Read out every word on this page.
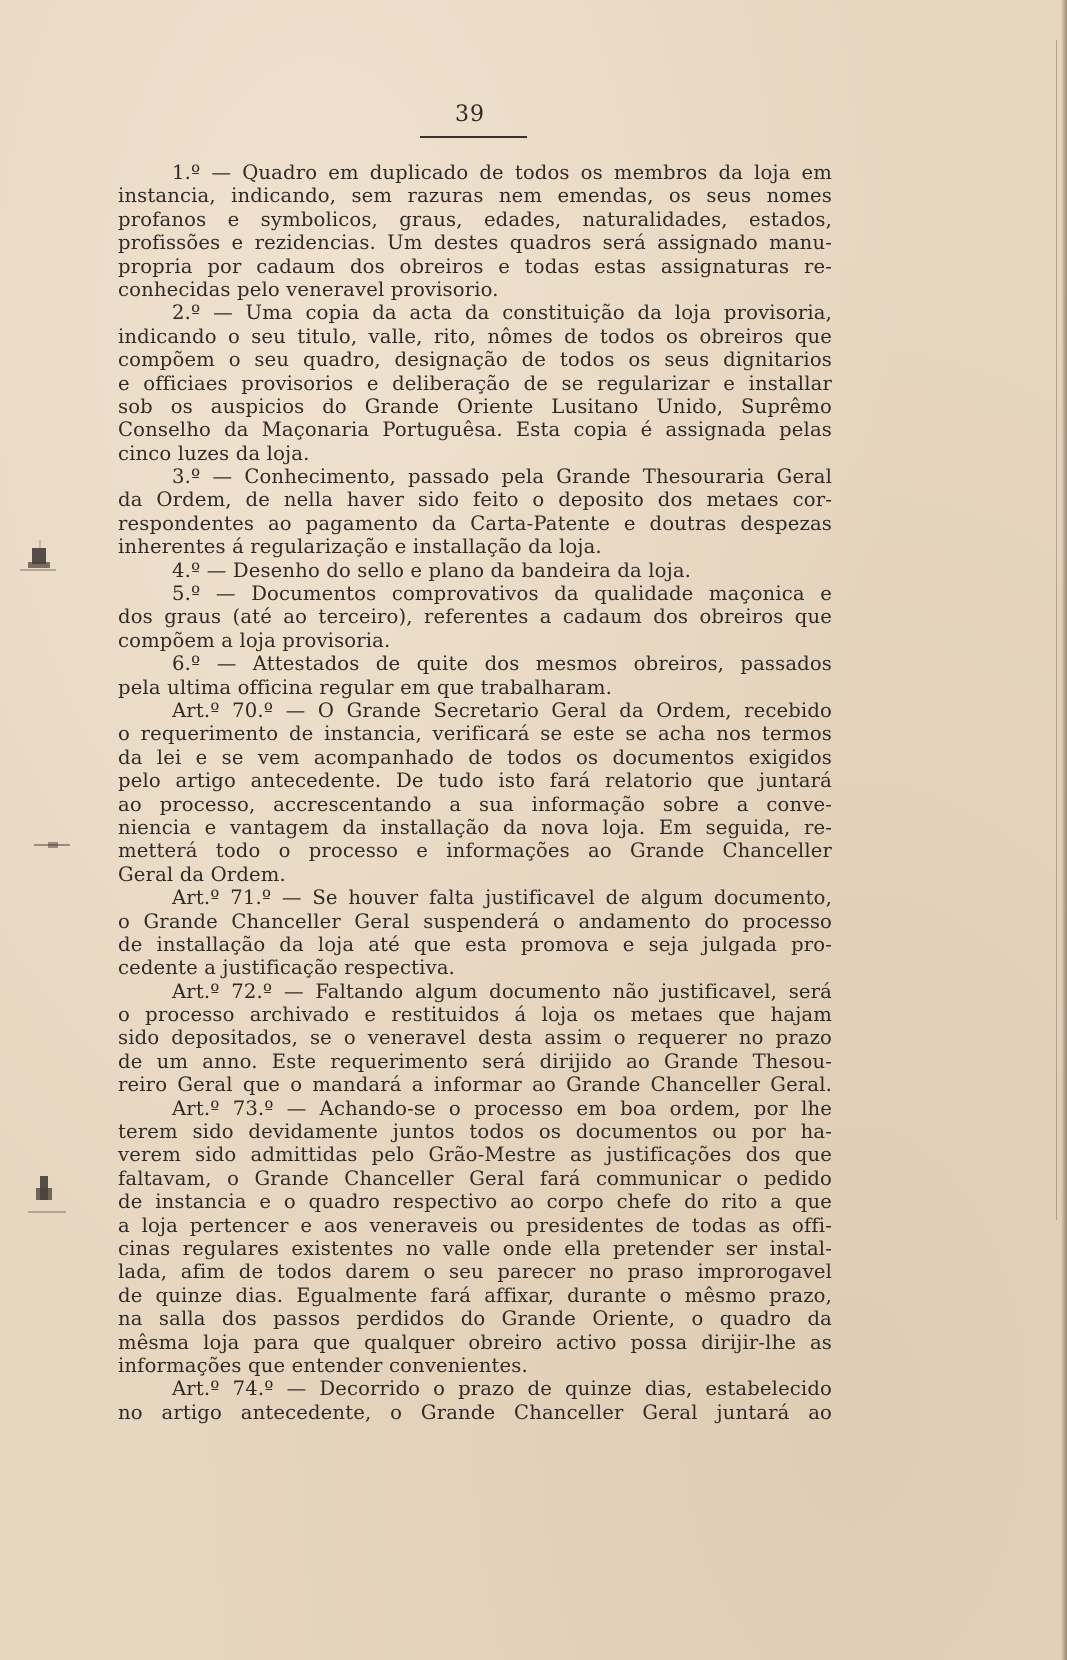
39
1.º — Quadro em duplicado de todos os membros da loja em
instancia, indicando, sem razuras nem emendas, os seus nomes
profanos e symbolicos, graus, edades, naturalidades, estados,
profissões e rezidencias. Um destes quadros será assignado manu-
propria por cadaum dos obreiros e todas estas assignaturas re-
conhecidas pelo veneravel provisorio.
2.º — Uma copia da acta da constituição da loja provisoria,
indicando o seu titulo, valle, rito, nômes de todos os obreiros que
compõem o seu quadro, designação de todos os seus dignitarios
e officiaes provisorios e deliberação de se regularizar e installar
sob os auspicios do Grande Oriente Lusitano Unido, Suprêmo
Conselho da Maçonaria Portuguêsa. Esta copia é assignada pelas
cinco luzes da loja.
3.º — Conhecimento, passado pela Grande Thesouraria Geral
da Ordem, de nella haver sido feito o deposito dos metaes cor-
respondentes ao pagamento da Carta-Patente e doutras despezas
inherentes á regularização e installação da loja.
4.º — Desenho do sello e plano da bandeira da loja.
5.º — Documentos comprovativos da qualidade maçonica e
dos graus (até ao terceiro), referentes a cadaum dos obreiros que
compõem a loja provisoria.
6.º — Attestados de quite dos mesmos obreiros, passados
pela ultima officina regular em que trabalharam.
Art.º 70.º — O Grande Secretario Geral da Ordem, recebido
o requerimento de instancia, verificará se este se acha nos termos
da lei e se vem acompanhado de todos os documentos exigidos
pelo artigo antecedente. De tudo isto fará relatorio que juntará
ao processo, accrescentando a sua informação sobre a conve-
niencia e vantagem da installação da nova loja. Em seguida, re-
metterá todo o processo e informações ao Grande Chanceller
Geral da Ordem.
Art.º 71.º — Se houver falta justificavel de algum documento,
o Grande Chanceller Geral suspenderá o andamento do processo
de installação da loja até que esta promova e seja julgada pro-
cedente a justificação respectiva.
Art.º 72.º — Faltando algum documento não justificavel, será
o processo archivado e restituidos á loja os metaes que hajam
sido depositados, se o veneravel desta assim o requerer no prazo
de um anno. Este requerimento será dirijido ao Grande Thesou-
reiro Geral que o mandará a informar ao Grande Chanceller Geral.
Art.º 73.º — Achando-se o processo em boa ordem, por lhe
terem sido devidamente juntos todos os documentos ou por ha-
verem sido admittidas pelo Grão-Mestre as justificações dos que
faltavam, o Grande Chanceller Geral fará communicar o pedido
de instancia e o quadro respectivo ao corpo chefe do rito a que
a loja pertencer e aos veneraveis ou presidentes de todas as offi-
cinas regulares existentes no valle onde ella pretender ser instal-
lada, afim de todos darem o seu parecer no praso improrogavel
de quinze dias. Egualmente fará affixar, durante o mêsmo prazo,
na salla dos passos perdidos do Grande Oriente, o quadro da
mêsma loja para que qualquer obreiro activo possa dirijir-lhe as
informações que entender convenientes.
Art.º 74.º — Decorrido o prazo de quinze dias, estabelecido
no artigo antecedente, o Grande Chanceller Geral juntará ao
